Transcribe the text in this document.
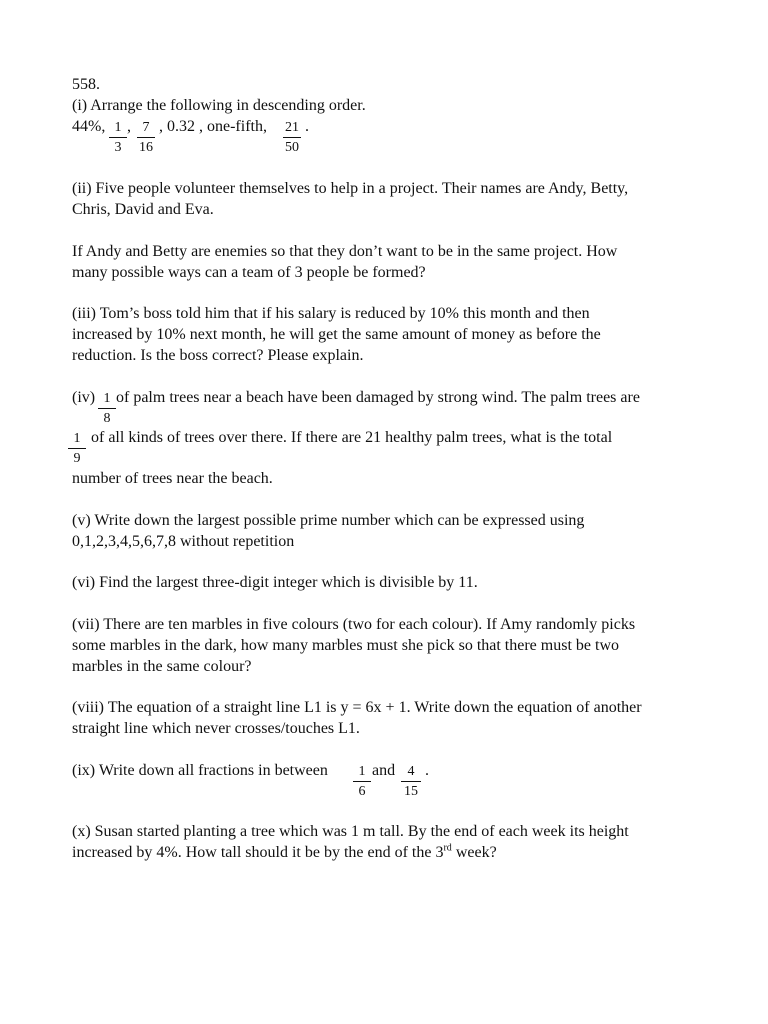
558.
(i) Arrange the following in descending order.
44%, 1
3
, 7
16
, 0.32 , one-fifth,	21
50
.
(ii) Five people volunteer themselves to help in a project. Their names are Andy, Betty,
Chris, David and Eva.
If Andy and Betty are enemies so that they don’t want to be in the same project. How
many possible ways can a team of 3 people be formed?
(iii) Tom’s boss told him that if his salary is reduced by 10% this month and then
increased by 10% next month, he will get the same amount of money as before the
reduction. Is the boss correct? Please explain.
(iv) 1
8
of palm trees near a beach have been damaged by strong wind. The palm trees are
1
9
of all kinds of trees over there. If there are 21 healthy palm trees, what is the total
number of trees near the beach.
(v) Write down the largest possible prime number which can be expressed using
0,1,2,3,4,5,6,7,8 without repetition
(vi) Find the largest three-digit integer which is divisible by 11.
(vii) There are ten marbles in five colours (two for each colour). If Amy randomly picks
some marbles in the dark, how many marbles must she pick so that there must be two
marbles in the same colour?
(viii) The equation of a straight line L1 is y = 6x + 1. Write down the equation of another
straight line which never crosses/touches L1.
(ix) Write down all fractions in between	1
6
and 4
15
.
(x) Susan started planting a tree which was 1 m tall. By the end of each week its height
increased by 4%. How tall should it be by the end of the 3rd week?
